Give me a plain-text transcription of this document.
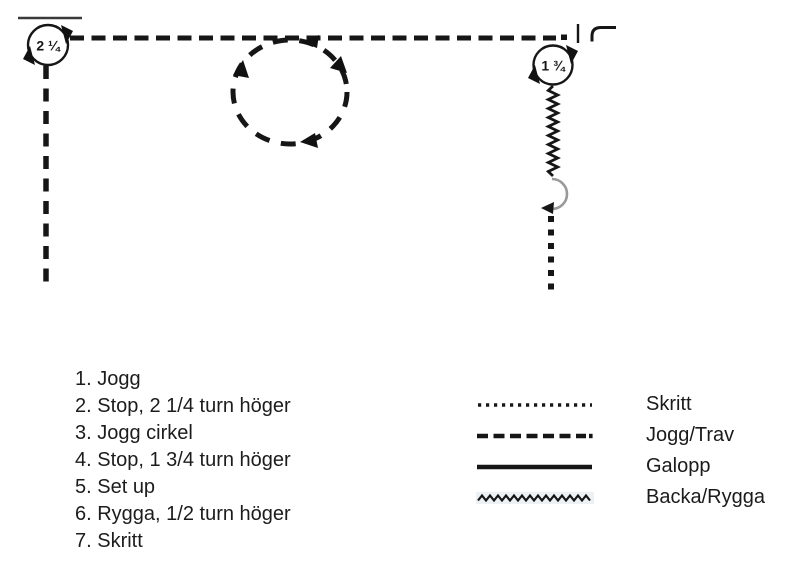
2 ¼
1 ¾
1. Jogg
2. Stop, 2 1/4 turn höger
3. Jogg cirkel
4. Stop, 1 3/4 turn höger
5. Set up
6. Rygga, 1/2 turn höger
7. Skritt
Skritt
Jogg/Trav
Galopp
Backa/Rygga
